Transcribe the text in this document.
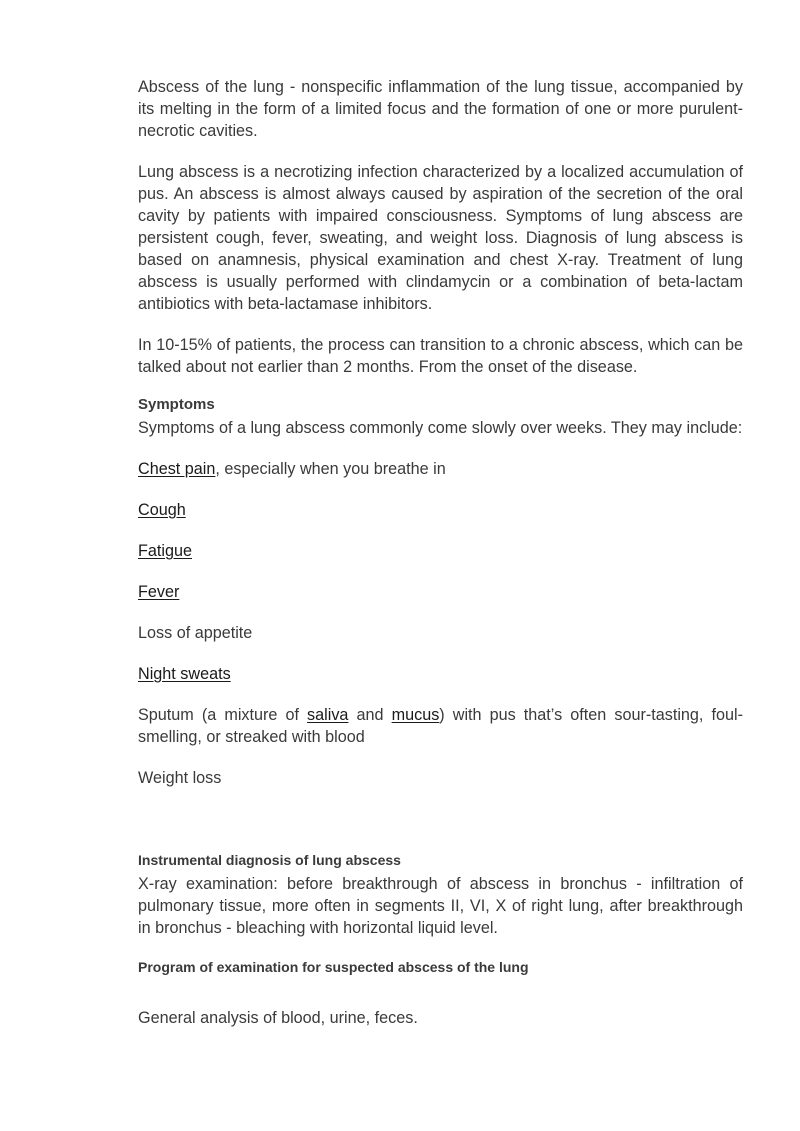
Abscess of the lung - nonspecific inflammation of the lung tissue, accompanied by its melting in the form of a limited focus and the formation of one or more purulent-necrotic cavities.

Lung abscess is a necrotizing infection characterized by a localized accumulation of pus. An abscess is almost always caused by aspiration of the secretion of the oral cavity by patients with impaired consciousness. Symptoms of lung abscess are persistent cough, fever, sweating, and weight loss. Diagnosis of lung abscess is based on anamnesis, physical examination and chest X-ray. Treatment of lung abscess is usually performed with clindamycin or a combination of beta-lactam antibiotics with beta-lactamase inhibitors.

In 10-15% of patients, the process can transition to a chronic abscess, which can be talked about not earlier than 2 months. From the onset of the disease.

Symptoms

Symptoms of a lung abscess commonly come slowly over weeks. They may include:

Chest pain, especially when you breathe in

Cough

Fatigue

Fever

Loss of appetite

Night sweats

Sputum (a mixture of saliva and mucus) with pus that’s often sour-tasting, foul-smelling, or streaked with blood

Weight loss

Instrumental diagnosis of lung abscess

X-ray examination: before breakthrough of abscess in bronchus - infiltration of pulmonary tissue, more often in segments II, VI, X of right lung, after breakthrough in bronchus - bleaching with horizontal liquid level.

Program of examination for suspected abscess of the lung

General analysis of blood, urine, feces.
